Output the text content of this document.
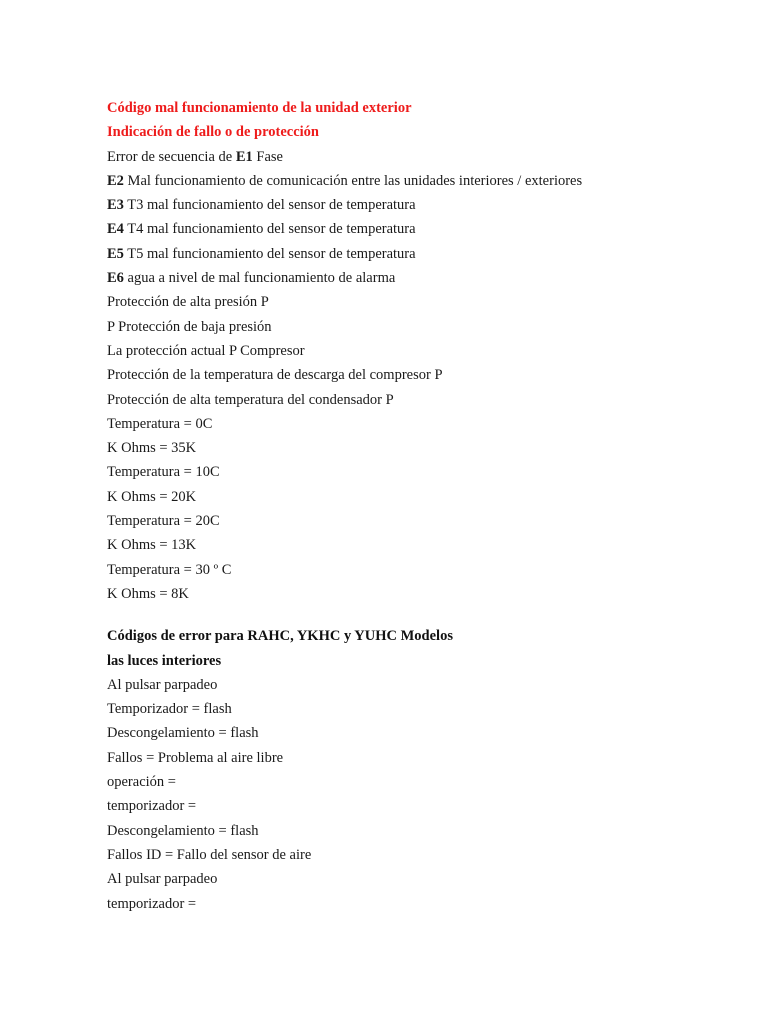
Código mal funcionamiento de la unidad exterior
Indicación de fallo o de protección
Error de secuencia de E1 Fase
E2 Mal funcionamiento de comunicación entre las unidades interiores / exteriores
E3 T3 mal funcionamiento del sensor de temperatura
E4 T4 mal funcionamiento del sensor de temperatura
E5 T5 mal funcionamiento del sensor de temperatura
E6 agua a nivel de mal funcionamiento de alarma
Protección de alta presión P
P Protección de baja presión
La protección actual P Compresor
Protección de la temperatura de descarga del compresor P
Protección de alta temperatura del condensador P
Temperatura = 0C
K Ohms = 35K
Temperatura = 10C
K Ohms = 20K
Temperatura = 20C
K Ohms = 13K
Temperatura = 30 º C
K Ohms = 8K
Códigos de error para RAHC, YKHC y YUHC Modelos
las luces interiores
Al pulsar parpadeo
Temporizador = flash
Descongelamiento = flash
Fallos = Problema al aire libre
operación =
temporizador =
Descongelamiento = flash
Fallos ID = Fallo del sensor de aire
Al pulsar parpadeo
temporizador =
